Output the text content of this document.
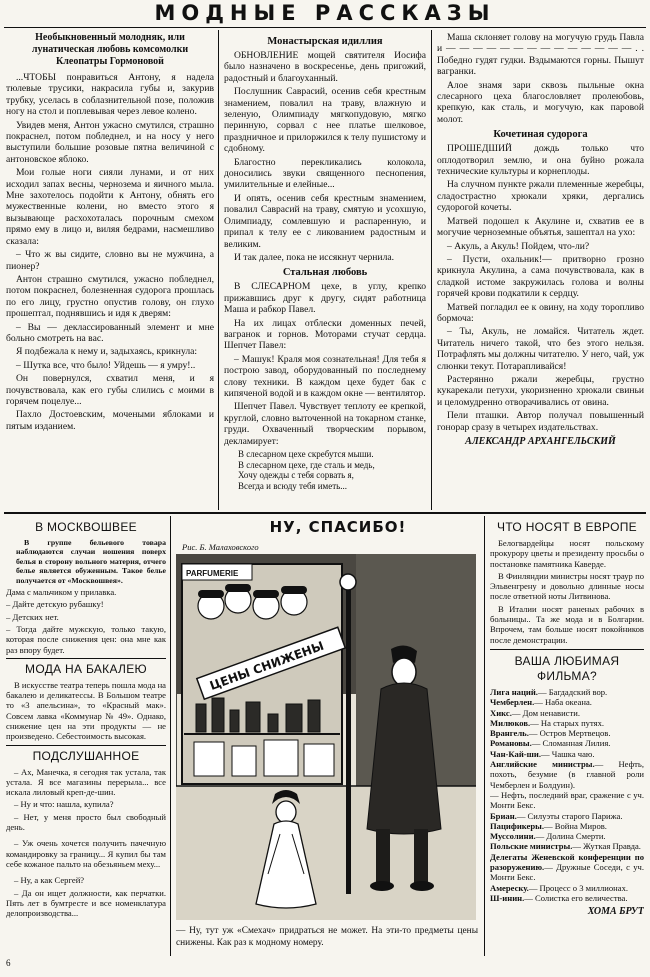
МОДНЫЕ РАССКАЗЫ
Необыкновенный молодняк, или лунатическая любовь комсомолки Клеопатры Гормоновой

...ЧТОБЫ понравиться Антону, я надела тюлевые трусики, накрасила губы и, закурив трубку, уселась в соблазнительной позе, положив ногу на стол и поплевывая через левое колено.

Увидев меня, Антон ужасно смутился, страшно покраснел, потом побледнел, и на носу у него выступили большие розовые пятна величиной с антоновское яблоко.

Мои голые ноги сияли лунами, и от них исходил запах весны, чернозема и яичного мыла. Мне захотелось подойти к Антону, обнять его мужественные колени, но вместо этого я вызывающе расхохоталась порочным смехом прямо ему в лицо и, виляя бедрами, насмешливо сказала:

– Что ж вы сидите, словно вы не мужчина, а пионер?

Антон страшно смутился, ужасно побледнел, потом покраснел, болезненная судорога прошлась по его лицу, грустно опустив голову, он глухо прошептал, поднявшись и идя к дверям:

– Вы — деклассированный элемент и мне больно смотреть на вас.

Я подбежала к нему и, задыхаясь, крикнула:

– Шутка все, что было! Уйдешь — я умру!..

Он повернулся, схватил меня, и я почувствовала, как его губы слились с моими в горячем поцелуе...

Пахло Достоевским, мочеными яблоками и пятым изданием.

Монастырская идиллия

ОБНОВЛЕНИЕ мощей святителя Иосифа было назначено в воскресенье, день пригожий, радостный и благоуханный.

Послушник Саврасий, осенив себя крестным знамением, повалил на траву, влажную и зеленую, Олимпиаду мягкопудовую, мягко перинную, сорвал с нее платье шелковое, праздничное и прилоржился к телу пушистому и сдобному.

Благостно перекликались колокола, доносились звуки священного песнопения, умилительные и елейные...

И опять, осенив себя крестным знамением, повалил Саврасий на траву, смятую и усохшую, Олимпиаду, сомлевшую и распаренную, и припал к телу ее с ликованием радостным и великим.

И так далее, пока не иссякнут чернила.

Стальная любовь

В СЛЕСАРНОМ цехе, в углу, крепко прижавшись друг к другу, сидят работница Маша и рабкор Павел.

На их лицах отблески доменных печей, вагранок и горнов. Моторами стучат сердца. Шепчет Павел:

– Машук! Краля моя сознательная! Для тебя я построю завод, оборудованный по последнему слову техники. В каждом цехе будет бак с кипяченой водой и в каждом окне — вентилятор.

Шепчет Павел. Чувствует теплоту ее крепкой, круглой, словно выточенной на токарном станке, груди. Охваченный творческим порывом, декламирует:

В слесарном цехе скребутся мыши.
В слесарном цехе, где сталь и медь,
Хочу одежды с тебя сорвать я,
Всегда и всюду тебя иметь...

Маша склоняет голову на могучую грудь Павла и — — — — — — — — — — — — — — . . Победно гудят гудки. Вздымаются горны. Пышут вагранки.

Алое знамя зари сквозь пыльные окна слесарного цеха благословляет пролеюбовь, крепкую, как сталь, и могучую, как паровой молот.

Кочетиная судорога

ПРОШЕДШИЙ дождь только что оплодотворил землю, и она буйно рожала технические культуры и корнеплоды.

На случном пункте ржали племенные жеребцы, сладострастно хрюкали хряки, дергались судорогой кочеты.

Матвей подошел к Акулине и, схватив ее в могучие черноземные объятья, зашептал на ухо:

– Акуль, а Акуль! Пойдем, что-ли?

– Пусти, охальник!— притворно грозно крикнула Акулина, а сама почувствовала, как в сладкой истоме закружилась голова и волны горячей крови подкатили к сердцу.

Матвей погладил ее к овину, на ходу торопливо бормоча:

– Ты, Акуль, не ломайся. Читатель ждет. Читатель ничего такой, что без этого нельзя. Потрафлять мы должны читателю. У него, чай, уж слюнки текут. Потарапливайся!

Растерянно ржали жеребцы, грустно кукарекали петухи, укоризненно хрюкали свиньи и целомудренно отворачивались от овина.

Пели пташки. Автор получал повышенный гонорар сразу в четырех издательствах.

АЛЕКСАНДР АРХАНГЕЛЬСКИЙ
В МОСКВОШВЕЕ

В группе бельевого товара наблюдаются случаи ношения поверх белья в сторону вольного материя, отчего белье является обуженным. Такое белье получается от «Москвошвея».

Дама с мальчиком у прилавка.

– Дайте детскую рубашку!

– Детских нет.

– Тогда дайте мужскую, только такую, которая после снижения цен: она мне как раз впору будет.

МОДА НА БАКАЛЕЮ

В искусстве театра теперь пошла мода на бакалею и деликатессы. В Большом театре то «3 апельсина», то «Красный мак». Совсем лавка «Коммунар № 49». Однако, снижение цен на эти продукты — не произведено. Себестоимость высокая.

ПОДСЛУШАННОЕ

– Ах, Манечка, я сегодня так устала, так устала. Я все магазины перерыла... все искала лиловый креп-де-шин.

– Ну и что: нашла, купила?

– Нет, у меня просто был свободный день.

– Уж очень хочется получить пачечную командировку за границу... Я купил бы там себе кожаное пальто на обезьяньем меху...

– Ну, а как Сергей?

– Да он ищет должности, как перчатки. Пять лет в бумтресте и все номенклатура делопроизводства...

НУ, СПАСИБО!
Рис. Б. Малаховского
PARFUMERIE
ЦЕНЫ СНИЖЕНЫ
— Ну, тут уж «Смехач» придраться не может. На эти-то предметы цены снижены. Как раз к модному номеру.
ЧТО НОСЯТ В ЕВРОПЕ

Белогвардейцы носят польскому прокурору цветы и президенту просьбы о постановке памятника Каверде.

В Финляндии министры носят траур по Эльвенгрену и довольно длинные носы после ответной ноты Литвинова.

В Италии носят раненых рабочих в больницы.. Та же мода и в Болгарии. Впрочем, там больше носят покойников после демонстрации.

ВАША ЛЮБИМАЯ ФИЛЬМА?

Лига наций.— Багдадский вор.

Чемберлен.— Наба океана.

Хикс.— Дом ненависти.

Милюков.— На старых путях.

Врангель.— Остров Мертвецов.

Романовы.— Сломанная Лилия.

Чан-Кай-ши.— Чашка чаю.

Английские министры.— Нефть, похоть, безумие (в главной роли Чемберлен и Болдуин).

— Нефть, последний враг, сражение с уч. Монти Бекс.

Бриан.— Силуэты старого Парижа.

Пацификеры.— Война Миров.

Муссолини.— Долина Смерти.

Польские министры.— Жуткая Правда.

Делегаты Женевской конференции по разоружению.— Дружные Соседи, с уч. Монти Бекс.

Амереску.— Процесс о 3 миллионах.

Ш-инин.— Солистка его величества.

ХОМА БРУТ
6
